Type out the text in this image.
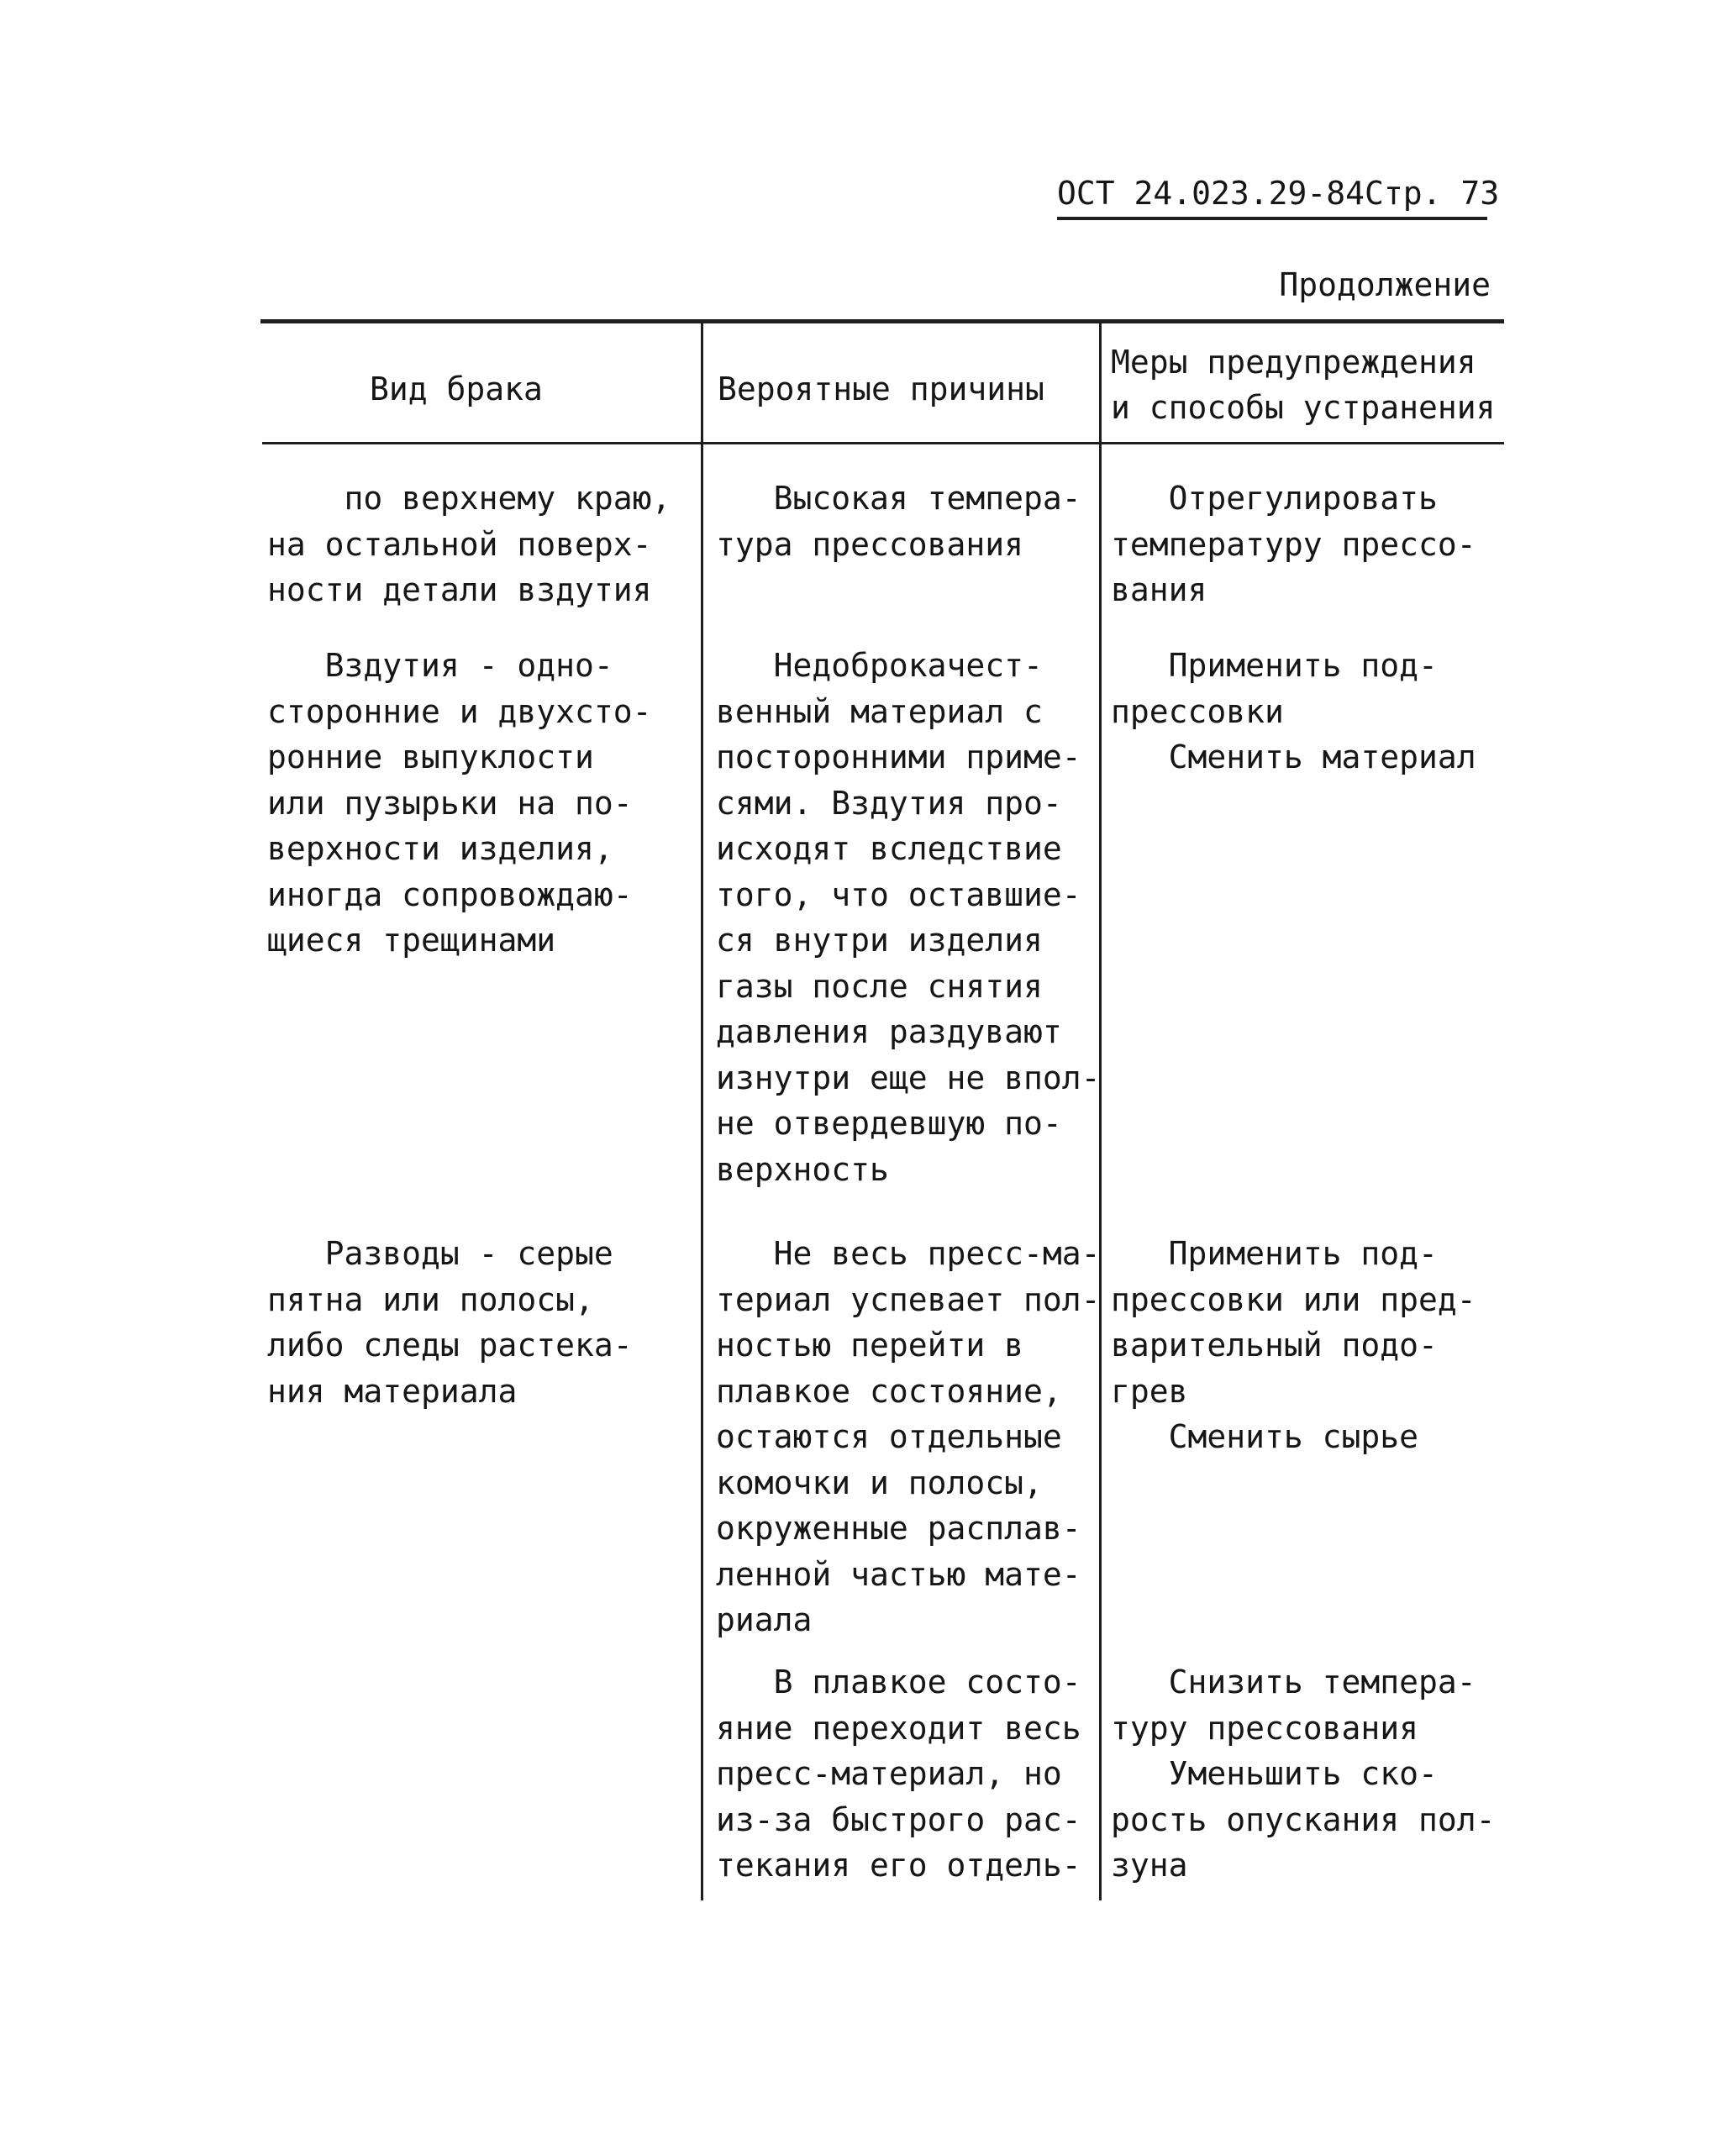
ОСТ 24.023.29-84Стр. 73
Продолжение
Вид брака	Вероятные причины
Меры предупреждения
и способы устранения
по верхнему краю,
на остальной поверх-
ности детали вздутия
Высокая темпера-
тура прессования
Отрегулировать
температуру прессо-
вания
Вздутия - одно-
сторонние и двухсто-
ронние выпуклости
или пузырьки на по-
верхности изделия,
иногда сопровождаю-
щиеся трещинами
Недоброкачест-
венный материал с
посторонними приме-
сями. Вздутия про-
исходят вследствие
того, что оставшие-
ся внутри изделия
газы после снятия
давления раздувают
изнутри еще не впол-
не отвердевшую по-
верхность
Применить под-
прессовки
Сменить материал
Разводы - серые
пятна или полосы,
либо следы растека-
ния материала
Не весь пресс-ма-
териал успевает пол-
ностью перейти в
плавкое состояние,
остаются отдельные
комочки и полосы,
окруженные расплав-
ленной частью мате-
риала
Применить под-
прессовки или пред-
варительный подо-
грев
Сменить сырье
В плавкое состо-
яние переходит весь
пресс-материал, но
из-за быстрого рас-
текания его отдель-
Снизить темпера-
туру прессования
Уменьшить ско-
рость опускания пол-
зуна
